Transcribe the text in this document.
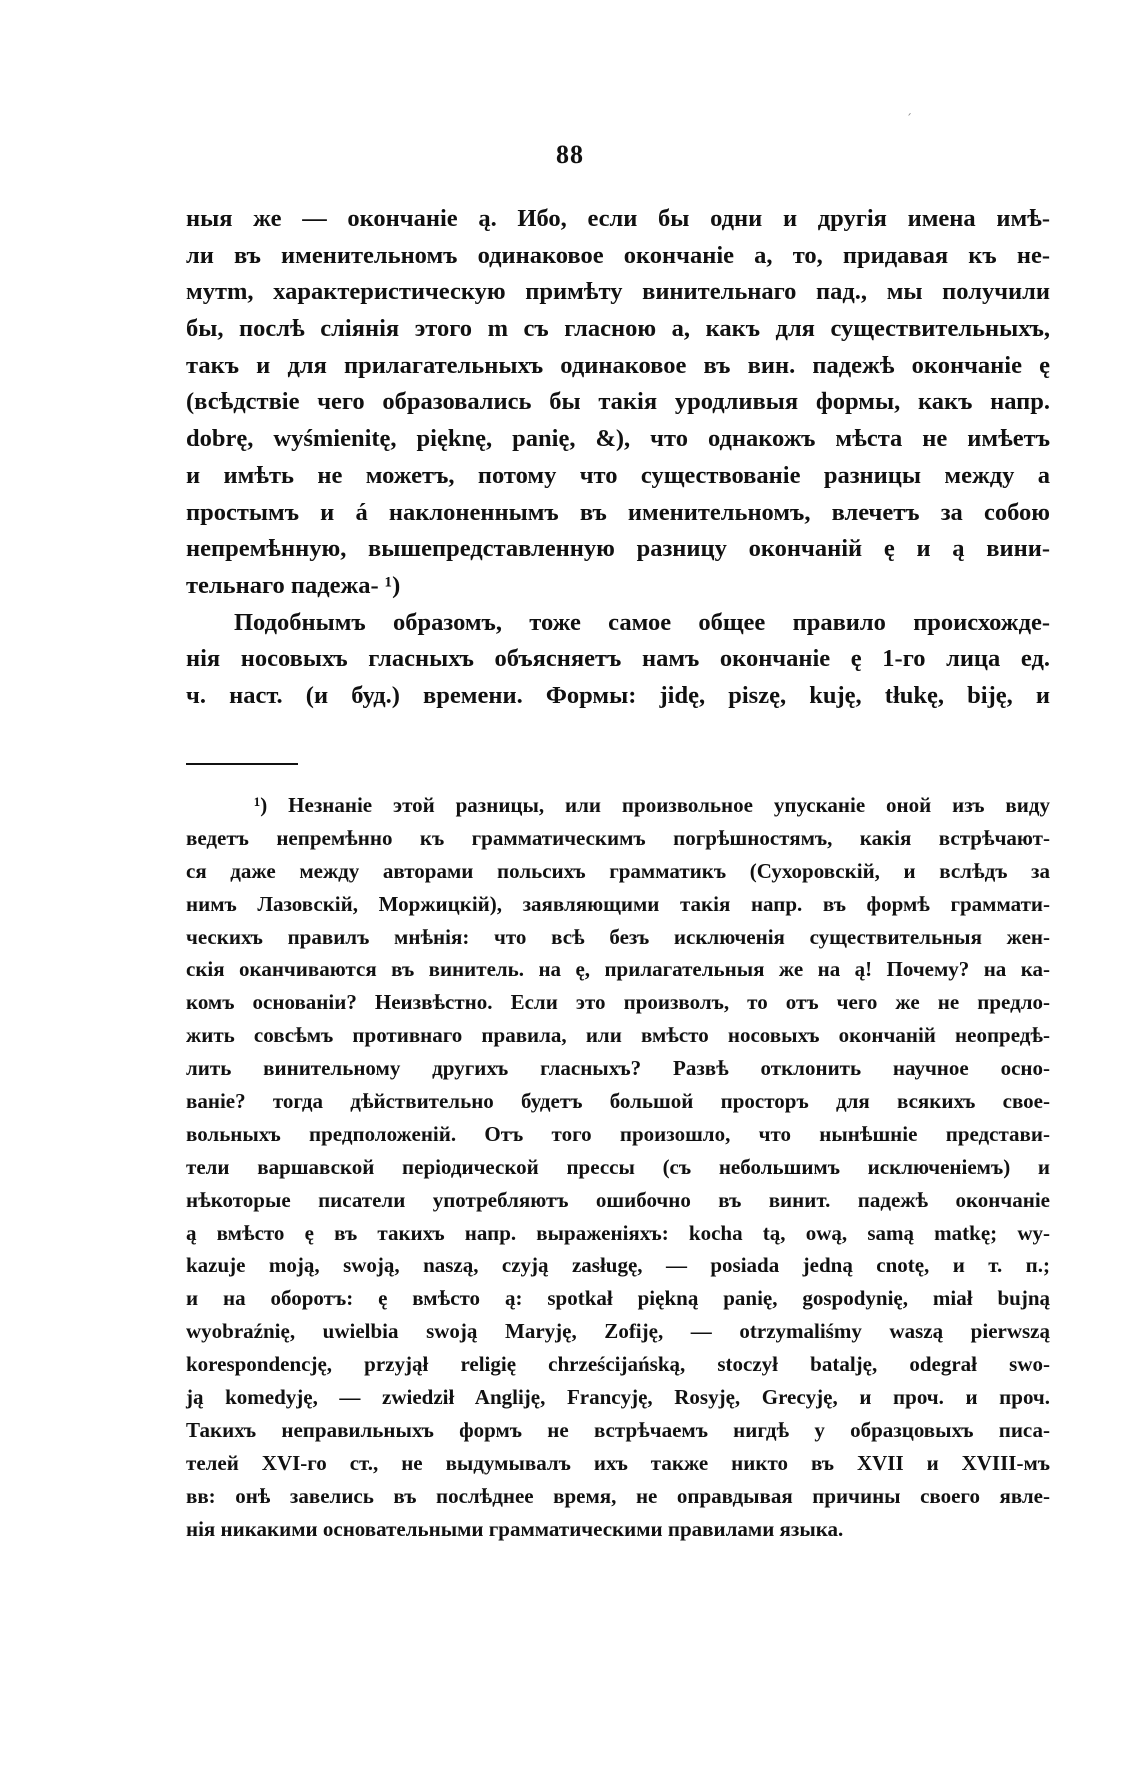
´
88
ныя же — окончаніе ą. Ибо, если бы одни и другія имена имѣ-
ли въ именительномъ одинаковое окончаніе a, то, придавая къ не-
мутm, характеристическую примѣту винительнаго пад., мы получили
бы, послѣ сліянія этого m съ гласною a, какъ для существительныхъ,
такъ и для прилагательныхъ одинаковое въ вин. падежѣ окончаніе ę
(всѣдствіе чего образовались бы такія уродливыя формы, какъ напр.
dobrę, wyśmienitę, pięknę, panię, &), что однакожъ мѣста не имѣетъ
и имѣть не можетъ, потому что существованіе разницы между a
простымъ и á наклоненнымъ въ именительномъ, влечетъ за собою
непремѣнную, вышепредставленную разницу окончаній ę и ą вини-
тельнаго падежа- ¹)
Подобнымъ образомъ, тоже самое общее правило происхожде-
нія носовыхъ гласныхъ объясняетъ намъ окончаніе ę 1-го лица ед.
ч. наст. (и буд.) времени. Формы: jidę, piszę, kuję, tłukę, biję, и
¹) Незнаніе этой разницы, или произвольное упусканіе оной изъ виду
ведетъ непремѣнно къ грамматическимъ погрѣшностямъ, какія встрѣчают-
ся даже между авторами польсихъ грамматикъ (Сухоровскій, и вслѣдъ за
нимъ Лазовскій, Моржицкій), заявляющими такія напр. въ формѣ граммати-
ческихъ правилъ мнѣнія: что всѣ безъ исключенія существительныя жен-
скія оканчиваются въ винитель. на ę, прилагательныя же на ą! Почему? на ка-
комъ основаніи? Неизвѣстно. Если это произволъ, то отъ чего же не предло-
жить совсѣмъ противнаго правила, или вмѣсто носовыхъ окончаній неопредѣ-
лить винительному другихъ гласныхъ? Развѣ отклонить научное осно-
ваніе? тогда дѣйствительно будетъ большой просторъ для всякихъ свое-
вольныхъ предположеній. Отъ того произошло, что нынѣшніе представи-
тели варшавской періодической прессы (съ небольшимъ исключеніемъ) и
нѣкоторые писатели употребляютъ ошибочно въ винит. падежѣ окончаніе
ą вмѣсто ę въ такихъ напр. выраженіяхъ: kocha tą, ową, samą matkę; wy-
kazuje moją, swoją, naszą, czyją zasługę, — posiada jedną cnotę, и т. п.;
и на оборотъ: ę вмѣсто ą: spotkał piękną panię, gospodynię, miał bujną
wyobraźnię, uwielbia swoją Maryję, Zofiję, — otrzymaliśmy waszą pierwszą
korespondencję, przyjął religię chrześcijańską, stoczył batalję, odegrał swo-
ją komedyję, — zwiedził Angliję, Francyję, Rosyję, Grecyję, и проч. и проч.
Такихъ неправильныхъ формъ не встрѣчаемъ нигдѣ у образцовыхъ писа-
телей XVI-го ст., не выдумывалъ ихъ также никто въ XVII и XVIII-мъ
вв: онѣ завелись въ послѣднее время, не оправдывая причины своего явле-
нія никакими основательными грамматическими правилами языка.
